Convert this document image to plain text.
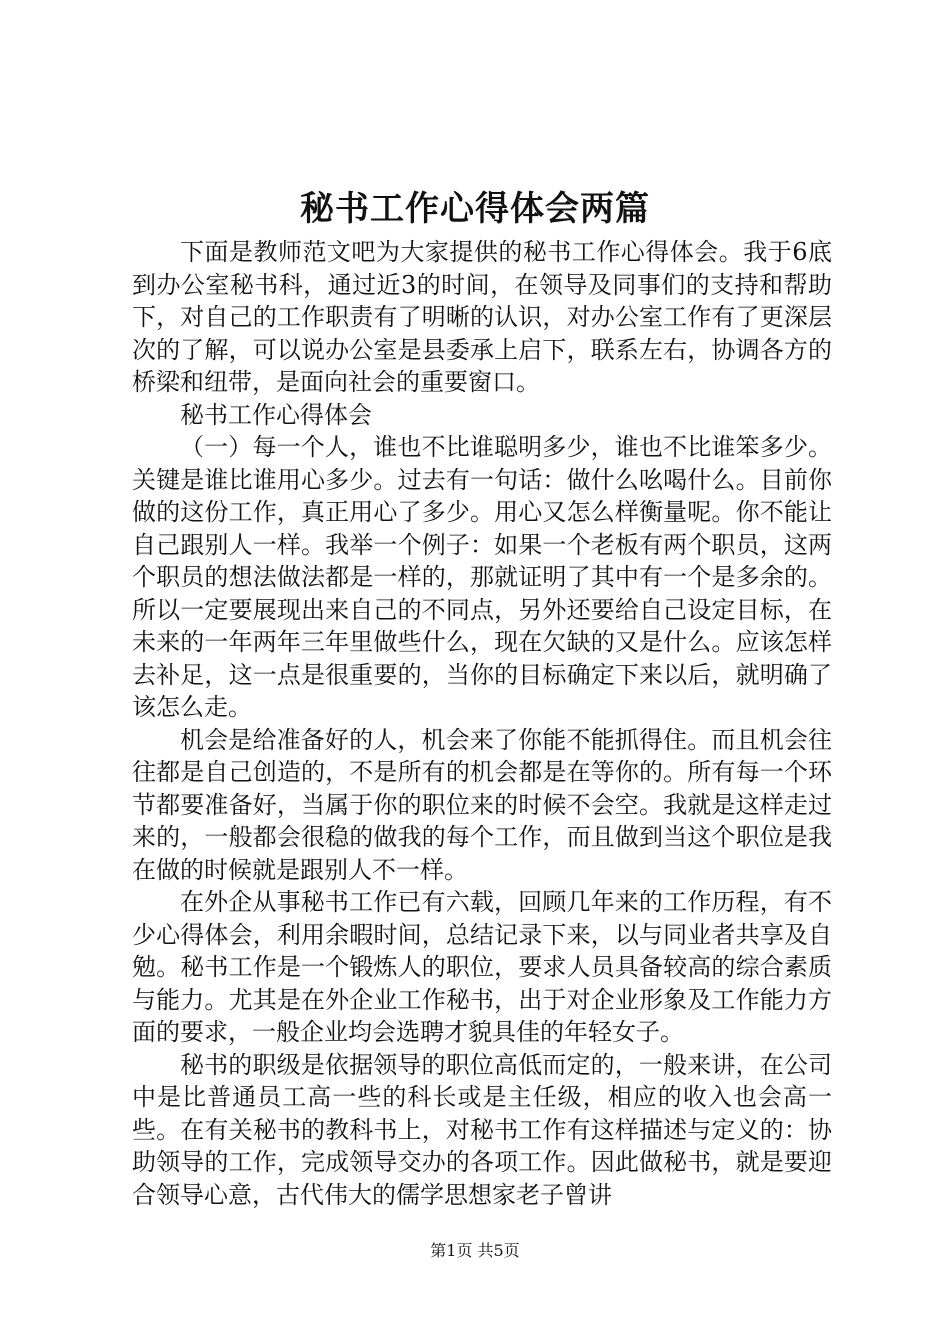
秘书工作心得体会两篇

下面是教师范文吧为大家提供的秘书工作心得体会。我于6底到办公室秘书科，通过近3的时间，在领导及同事们的支持和帮助下，对自己的工作职责有了明晰的认识，对办公室工作有了更深层次的了解，可以说办公室是县委承上启下，联系左右，协调各方的桥梁和纽带，是面向社会的重要窗口。

秘书工作心得体会

（一）每一个人，谁也不比谁聪明多少，谁也不比谁笨多少。关键是谁比谁用心多少。过去有一句话：做什么吆喝什么。目前你做的这份工作，真正用心了多少。用心又怎么样衡量呢。你不能让自己跟别人一样。我举一个例子：如果一个老板有两个职员，这两个职员的想法做法都是一样的，那就证明了其中有一个是多余的。所以一定要展现出来自己的不同点，另外还要给自己设定目标，在未来的一年两年三年里做些什么，现在欠缺的又是什么。应该怎样去补足，这一点是很重要的，当你的目标确定下来以后，就明确了该怎么走。

机会是给准备好的人，机会来了你能不能抓得住。而且机会往往都是自己创造的，不是所有的机会都是在等你的。所有每一个环节都要准备好，当属于你的职位来的时候不会空。我就是这样走过来的，一般都会很稳的做我的每个工作，而且做到当这个职位是我在做的时候就是跟别人不一样。

在外企从事秘书工作已有六载，回顾几年来的工作历程，有不少心得体会，利用余暇时间，总结记录下来，以与同业者共享及自勉。秘书工作是一个锻炼人的职位，要求人员具备较高的综合素质与能力。尤其是在外企业工作秘书，出于对企业形象及工作能力方面的要求，一般企业均会选聘才貌具佳的年轻女子。

秘书的职级是依据领导的职位高低而定的，一般来讲，在公司中是比普通员工高一些的科长或是主任级，相应的收入也会高一些。在有关秘书的教科书上，对秘书工作有这样描述与定义的：协助领导的工作，完成领导交办的各项工作。因此做秘书，就是要迎合领导心意，古代伟大的儒学思想家老子曾讲

第1页 共5页
